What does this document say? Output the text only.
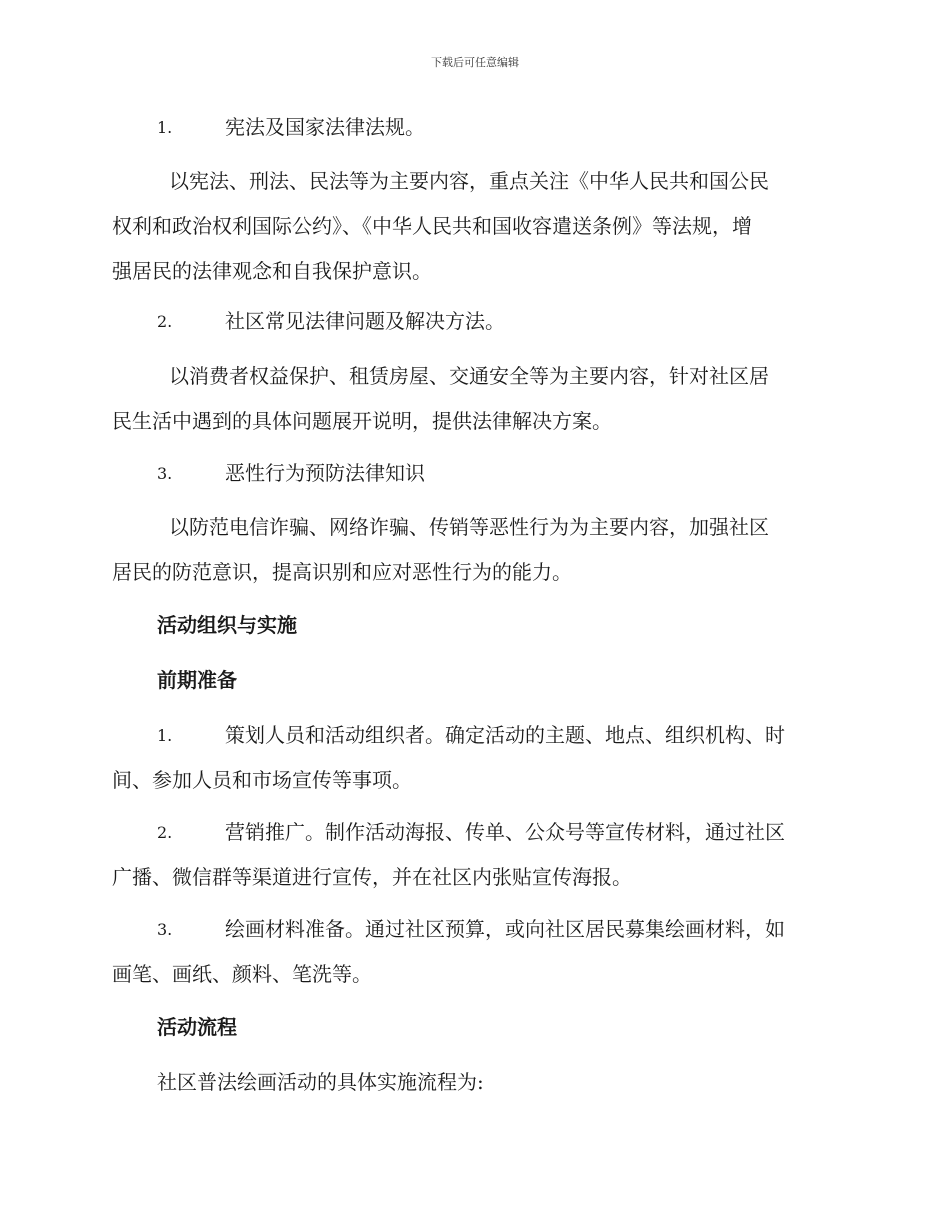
下载后可任意编辑
1.	宪法及国家法律法规。
以宪法、刑法、民法等为主要内容，重点关注《中华人民共和国公民
权利和政治权利国际公约》、《中华人民共和国收容遣送条例》等法规，增
强居民的法律观念和自我保护意识。
2.	社区常见法律问题及解决方法。
以消费者权益保护、租赁房屋、交通安全等为主要内容，针对社区居
民生活中遇到的具体问题展开说明，提供法律解决方案。
3.	恶性行为预防法律知识
以防范电信诈骗、网络诈骗、传销等恶性行为为主要内容，加强社区
居民的防范意识，提高识别和应对恶性行为的能力。
活动组织与实施
前期准备
1.	策划人员和活动组织者。确定活动的主题、地点、组织机构、时
间、参加人员和市场宣传等事项。
2.	营销推广。制作活动海报、传单、公众号等宣传材料，通过社区
广播、微信群等渠道进行宣传，并在社区内张贴宣传海报。
3.	绘画材料准备。通过社区预算，或向社区居民募集绘画材料，如
画笔、画纸、颜料、笔洗等。
活动流程
社区普法绘画活动的具体实施流程为:
